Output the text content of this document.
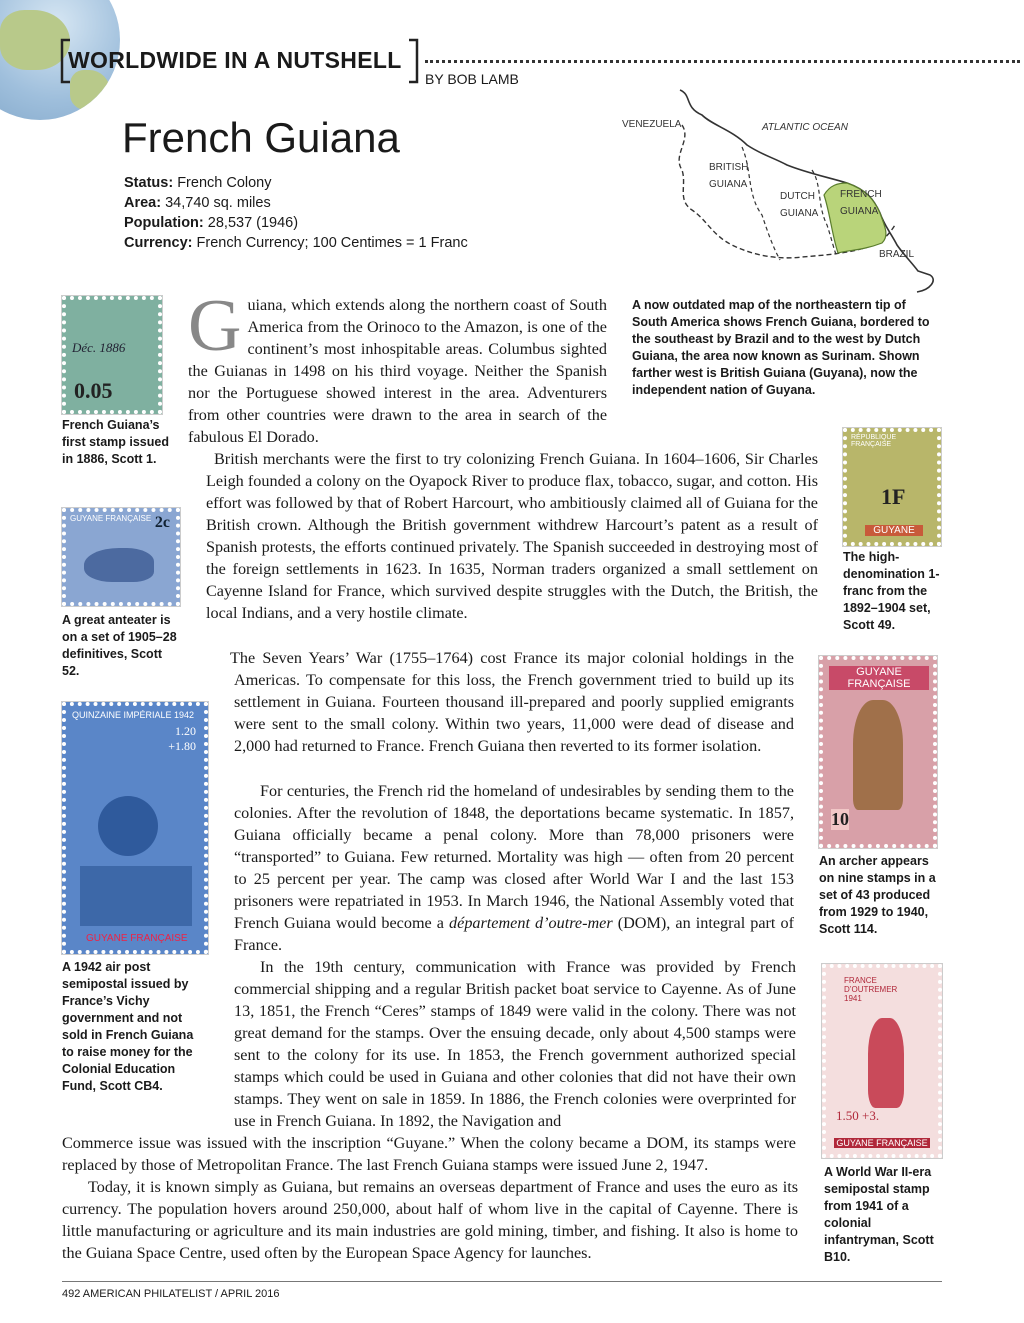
WORLDWIDE IN A NUTSHELL
BY BOB LAMB
French Guiana
Status: French Colony
Area: 34,740 sq. miles
Population: 28,537 (1946)
Currency: French Currency; 100 Centimes = 1 Franc
VENEZUELA	ATLANTIC OCEAN
BRITISH
GUIANA
DUTCH
GUIANA
FRENCH
GUIANA
BRAZIL
A now outdated map of the northeastern tip of South America shows French Guiana, bordered to the southeast by Brazil and to the west by Dutch Guiana, the area now known as Surinam. Shown farther west is British Guiana (Guyana), now the independent nation of Guyana.
Déc. 1886
0.05
French Guiana’s first stamp issued in 1886, Scott 1.
GUYANE FRANÇAISE 2c
A great anteater is on a set of 1905–28 definitives, Scott 52.
QUINZAINE IMPÉRIALE 1942
1.20 +1.80
GUYANE FRANÇAISE
A 1942 air post semipostal issued by France’s Vichy government and not sold in French Guiana to raise money for the Colonial Education Fund, Scott CB4.
RÉPUBLIQUE FRANÇAISE
1F
GUYANE
The high-denomination 1-franc from the 1892–1904 set, Scott 49.
GUYANE FRANÇAISE
10
An archer appears on nine stamps in a set of 43 produced from 1929 to 1940, Scott 114.
FRANCE D’OUTREMER 1941
1.50 +3.
GUYANE FRANÇAISE
A World War II-era semipostal stamp from 1941 of a colonial infantryman, Scott B10.

Guiana, which extends along the northern coast of South America from the Orinoco to the Amazon, is one of the continent’s most inhospitable areas. Columbus sighted the Guianas in 1498 on his third voyage. Neither the Spanish nor the Portuguese showed interest in the area. Adventurers from other countries were drawn to the area in search of the fabulous El Dorado.

British merchants were the first to try colonizing French Guiana. In 1604–1606, Sir Charles Leigh founded a colony on the Oyapock River to produce flax, tobacco, sugar, and cotton. His effort was followed by that of Robert Harcourt, who ambitiously claimed all of Guiana for the British crown. Although the British government withdrew Harcourt’s patent as a result of Spanish protests, the efforts continued privately. The Spanish succeeded in destroying most of the foreign settlements in 1623. In 1635, Norman traders organized a small settlement on Cayenne Island for France, which survived despite struggles with the Dutch, the British, the local Indians, and a very hostile climate.
The Seven Years’ War (1755–1764) cost France its major colonial holdings in the Americas. To compensate for this loss, the French government tried to build up its settlement in Guiana. Fourteen thousand ill-prepared and poorly supplied emigrants were sent to the small colony. Within two years, 11,000 were dead of disease and 2,000 had returned to France. French Guiana then reverted to its former isolation.
For centuries, the French rid the homeland of undesirables by sending them to the colonies. After the revolution of 1848, the deportations became systematic. In 1857, Guiana officially became a penal colony. More than 78,000 prisoners were “transported” to Guiana. Few returned. Mortality was high — often from 20 percent to 25 percent per year. The camp was closed after World War I and the last 153 prisoners were repatriated in 1953. In March 1946, the National Assembly voted that French Guiana would become a département d’outre-mer (DOM), an integral part of France.
In the 19th century, communication with France was provided by French commercial shipping and a regular British packet boat service to Cayenne. As of June 13, 1851, the French “Ceres” stamps of 1849 were valid in the colony. There was not great demand for the stamps. Over the ensuing decade, only about 4,500 stamps were sent to the colony for its use. In 1853, the French government authorized special stamps which could be used in Guiana and other colonies that did not have their own stamps. They went on sale in 1859. In 1886, the French colonies were overprinted for use in French Guiana. In 1892, the Navigation and
Commerce issue was issued with the inscription “Guyane.” When the colony became a DOM, its stamps were replaced by those of Metropolitan France. The last French Guiana stamps were issued June 2, 1947.
Today, it is known simply as Guiana, but remains an overseas department of France and uses the euro as its currency. The population hovers around 250,000, about half of whom live in the capital of Cayenne. There is little manufacturing or agriculture and its main industries are gold mining, timber, and fishing. It also is home to the Guiana Space Centre, used often by the European Space Agency for launches.
492 AMERICAN PHILATELIST / APRIL 2016
